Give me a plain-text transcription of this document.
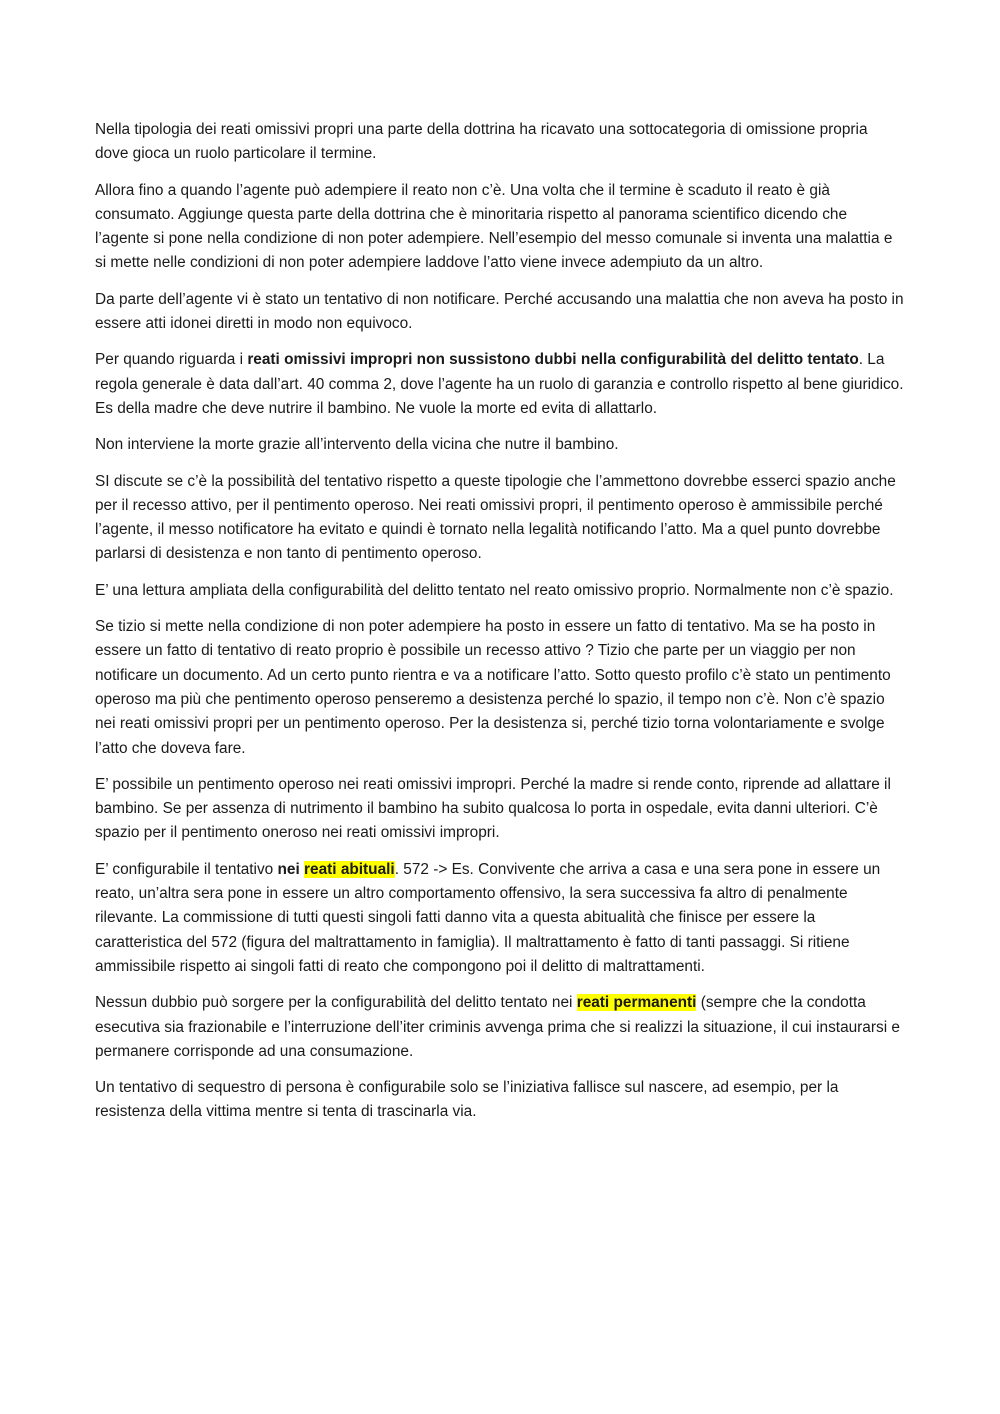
Nella tipologia dei reati omissivi propri una parte della dottrina ha ricavato una sottocategoria di omissione propria dove gioca un ruolo particolare il termine.

Allora fino a quando l’agente può adempiere il reato non c’è. Una volta che il termine è scaduto il reato è già consumato. Aggiunge questa parte della dottrina che è minoritaria rispetto al panorama scientifico dicendo che l’agente si pone nella condizione di non poter adempiere. Nell’esempio del messo comunale si inventa una malattia e si mette nelle condizioni di non poter adempiere laddove l’atto viene invece adempiuto da un altro.

Da parte dell’agente vi è stato un tentativo di non notificare. Perché accusando una malattia che non aveva ha posto in essere atti idonei diretti in modo non equivoco.

Per quando riguarda i reati omissivi impropri non sussistono dubbi nella configurabilità del delitto tentato. La regola generale è data dall’art. 40 comma 2, dove l’agente ha un ruolo di garanzia e controllo rispetto al bene giuridico. Es della madre che deve nutrire il bambino. Ne vuole la morte ed evita di allattarlo.

Non interviene la morte grazie all’intervento della vicina che nutre il bambino.

SI discute se c’è la possibilità del tentativo rispetto a queste tipologie che l’ammettono dovrebbe esserci spazio anche per il recesso attivo, per il pentimento operoso. Nei reati omissivi propri, il pentimento operoso è ammissibile perché l’agente, il messo notificatore ha evitato e quindi è tornato nella legalità notificando l’atto. Ma a quel punto dovrebbe parlarsi di desistenza e non tanto di pentimento operoso.

E’ una lettura ampliata della configurabilità del delitto tentato nel reato omissivo proprio. Normalmente non c’è spazio.

Se tizio si mette nella condizione di non poter adempiere ha posto in essere un fatto di tentativo. Ma se ha posto in essere un fatto di tentativo di reato proprio è possibile un recesso attivo ? Tizio che parte per un viaggio per non notificare un documento. Ad un certo punto rientra e va a notificare l’atto. Sotto questo profilo c’è stato un pentimento operoso ma più che pentimento operoso penseremo a desistenza perché lo spazio, il tempo non c’è. Non c’è spazio nei reati omissivi propri per un pentimento operoso. Per la desistenza si, perché tizio torna volontariamente e svolge l’atto che doveva fare.

E’ possibile un pentimento operoso nei reati omissivi impropri. Perché la madre si rende conto, riprende ad allattare il bambino. Se per assenza di nutrimento il bambino ha subito qualcosa lo porta in ospedale, evita danni ulteriori. C’è spazio per il pentimento oneroso nei reati omissivi impropri.

E’ configurabile il tentativo nei reati abituali. 572 -> Es. Convivente che arriva a casa e una sera pone in essere un reato, un’altra sera pone in essere un altro comportamento offensivo, la sera successiva fa altro di penalmente rilevante. La commissione di tutti questi singoli fatti danno vita a questa abitualità che finisce per essere la caratteristica del 572 (figura del maltrattamento in famiglia). Il maltrattamento è fatto di tanti passaggi. Si ritiene ammissibile rispetto ai singoli fatti di reato che compongono poi il delitto di maltrattamenti.

Nessun dubbio può sorgere per la configurabilità del delitto tentato nei reati permanenti (sempre che la condotta esecutiva sia frazionabile e l’interruzione dell’iter criminis avvenga prima che si realizzi la situazione, il cui instaurarsi e permanere corrisponde ad una consumazione.

Un tentativo di sequestro di persona è configurabile solo se l’iniziativa fallisce sul nascere, ad esempio, per la resistenza della vittima mentre si tenta di trascinarla via.
